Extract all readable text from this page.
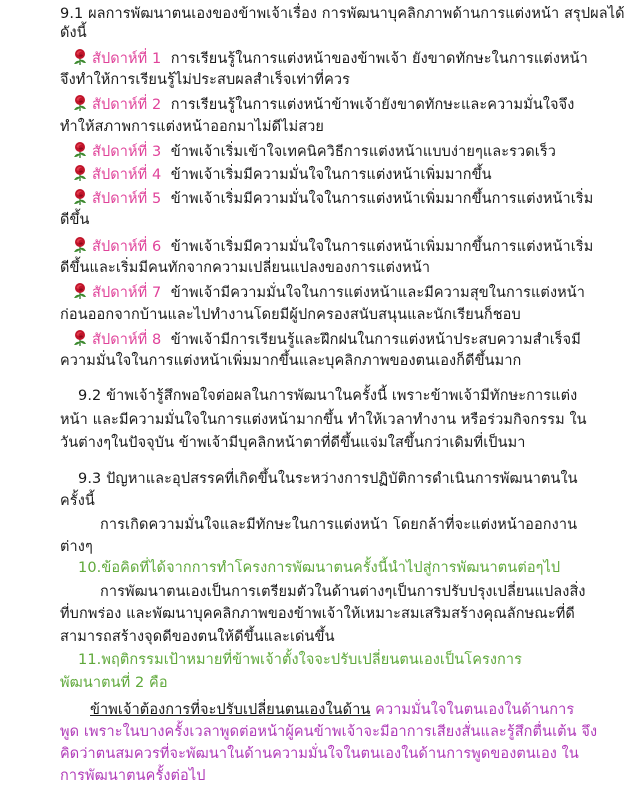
9.1 ผลการพัฒนาตนเองของข้าพเจ้าเรื่อง การพัฒนาบุคลิกภาพด้านการแต่งหน้า สรุปผลได้
ดังนี้
สัปดาห์ที่ 1 การเรียนรู้ในการแต่งหน้าของข้าพเจ้า ยังขาดทักษะในการแต่งหน้า
จึงทำให้การเรียนรู้ไม่ประสบผลสำเร็จเท่าที่ควร
สัปดาห์ที่ 2 การเรียนรู้ในการแต่งหน้าข้าพเจ้ายังขาดทักษะและความมั่นใจจึง
ทำให้สภาพการแต่งหน้าออกมาไม่ดีไม่สวย
สัปดาห์ที่ 3 ข้าพเจ้าเริ่มเข้าใจเทคนิควิธีการแต่งหน้าแบบง่ายๆและรวดเร็ว
สัปดาห์ที่ 4 ข้าพเจ้าเริ่มมีความมั่นใจในการแต่งหน้าเพิ่มมากขึ้น
สัปดาห์ที่ 5 ข้าพเจ้าเริ่มมีความมั่นใจในการแต่งหน้าเพิ่มมากขึ้นการแต่งหน้าเริ่ม
ดีขึ้น
สัปดาห์ที่ 6 ข้าพเจ้าเริ่มมีความมั่นใจในการแต่งหน้าเพิ่มมากขึ้นการแต่งหน้าเริ่ม
ดีขึ้นและเริ่มมีคนทักจากความเปลี่ยนแปลงของการแต่งหน้า
สัปดาห์ที่ 7 ข้าพเจ้ามีความมั่นใจในการแต่งหน้าและมีความสุขในการแต่งหน้า
ก่อนออกจากบ้านและไปทำงานโดยมีผู้ปกครองสนับสนุนและนักเรียนก็ชอบ
สัปดาห์ที่ 8 ข้าพเจ้ามีการเรียนรู้และฝึกฝนในการแต่งหน้าประสบความสำเร็จมี
ความมั่นใจในการแต่งหน้าเพิ่มมากขึ้นและบุคลิกภาพของตนเองก็ดีขึ้นมาก
9.2 ข้าพเจ้ารู้สึกพอใจต่อผลในการพัฒนาในครั้งนี้ เพราะข้าพเจ้ามีทักษะการแต่ง
หน้า และมีความมั่นใจในการแต่งหน้ามากขึ้น ทำให้เวลาทำงาน หรือร่วมกิจกรรม ใน
วันต่างๆในปัจจุบัน ข้าพเจ้ามีบุคลิกหน้าตาที่ดีขึ้นแจ่มใสขึ้นกว่าเดิมที่เป็นมา
9.3 ปัญหาและอุปสรรคที่เกิดขึ้นในระหว่างการปฏิบัติการดำเนินการพัฒนาตนใน
ครั้งนี้
การเกิดความมั่นใจและมีทักษะในการแต่งหน้า โดยกล้าที่จะแต่งหน้าออกงาน
ต่างๆ
10.ข้อคิดที่ได้จากการทำโครงการพัฒนาตนครั้งนี้นำไปสู่การพัฒนาตนต่อๆไป
การพัฒนาตนเองเป็นการเตรียมตัวในด้านต่างๆเป็นการปรับปรุงเปลี่ยนแปลงสิ่ง
ที่บกพร่อง และพัฒนาบุคคลิกภาพของข้าพเจ้าให้เหมาะสมเสริมสร้างคุณลักษณะที่ดี
สามารถสร้างจุดดีของตนให้ดีขึ้นและเด่นขึ้น
11.พฤติกรรมเป้าหมายที่ข้าพเจ้าตั้งใจจะปรับเปลี่ยนตนเองเป็นโครงการ
พัฒนาตนที่ 2 คือ
ข้าพเจ้าต้องการที่จะปรับเปลี่ยนตนเองในด้าน ความมั่นใจในตนเองในด้านการ
พูด เพราะในบางครั้งเวลาพูดต่อหน้าผู้คนข้าพเจ้าจะมีอาการเสียงสั่นและรู้สึกตื่นเต้น จึง
คิดว่าตนสมควรที่จะพัฒนาในด้านความมั่นใจในตนเองในด้านการพูดของตนเอง ใน
การพัฒนาตนครั้งต่อไป
